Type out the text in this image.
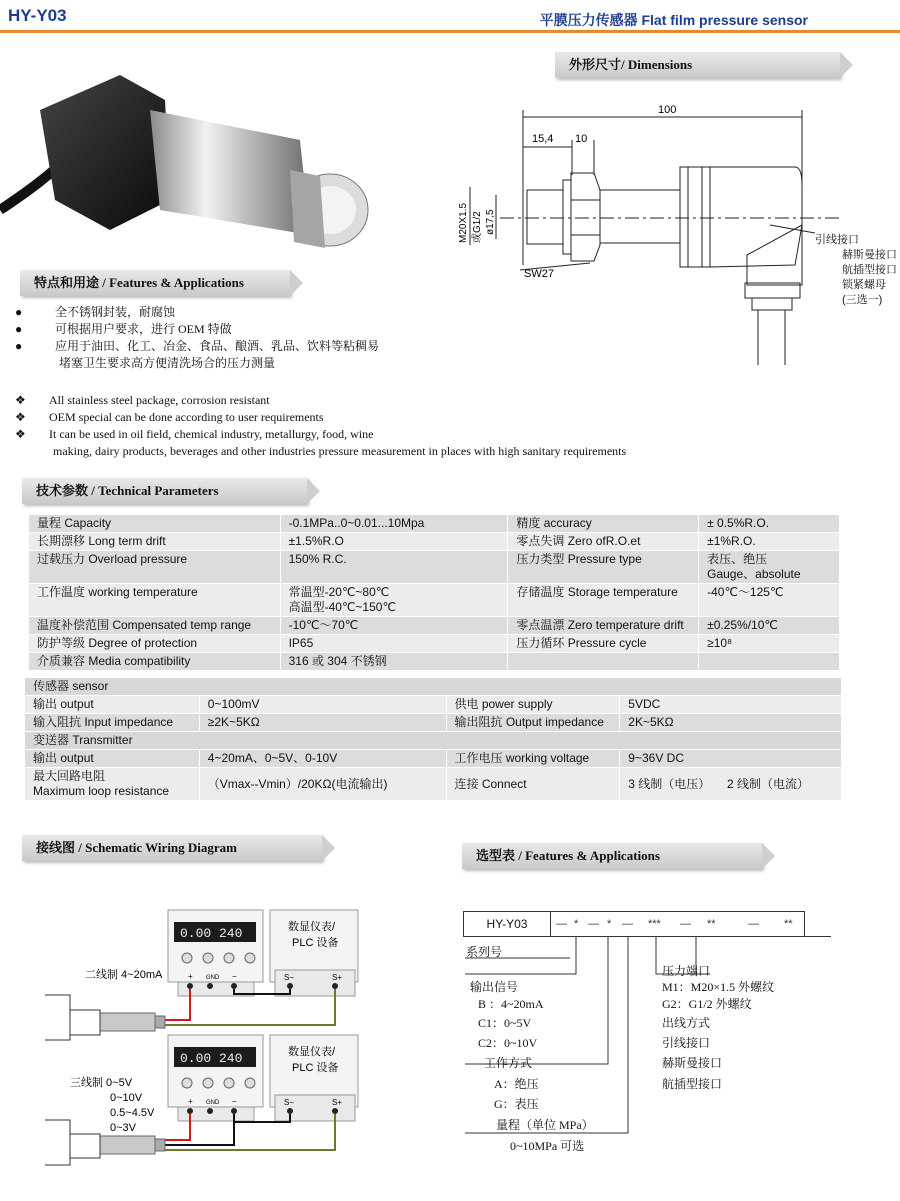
HY-Y03	平膜压力传感器 Flat film pressure sensor
外形尺寸/ Dimensions
100
15,4 10
M20X1.5 或G1/2 ø17,5
SW27
引线接口
赫斯曼接口
航插型接口
锁紧螺母
(三选一)
特点和用途 / Features & Applications
●	全不锈钢封装，耐腐蚀
●	可根据用户要求，进行 OEM 特做
●	应用于油田、化工、冶金、食品、酿酒、乳品、饮料等粘稠易
堵塞卫生要求高方便清洗场合的压力测量
❖ All stainless steel package, corrosion resistant
❖ OEM special can be done according to user requirements
❖ It can be used in oil field, chemical industry, metallurgy, food, wine
making, dairy products, beverages and other industries pressure measurement in places with high sanitary requirements
技术参数 / Technical Parameters
量程 Capacity	-0.1MPa..0~0.01...10Mpa	精度 accuracy	± 0.5%R.O.
长期漂移 Long term drift	±1.5%R.O	零点失调 Zero ofR.O.et	±1%R.O.
过载压力 Overload pressure	150% R.C.	压力类型 Pressure type	表压、绝压
Gauge、absolute
工作温度 working temperature	常温型-20℃~80℃
高温型-40℃~150℃	存储温度 Storage temperature	-40℃～125℃
温度补偿范围 Compensated temp range	-10℃～70℃	零点温漂 Zero temperature drift	±0.25%/10℃
防护等级 Degree of protection	IP65	压力循环 Pressure cycle	≥10⁸
介质兼容 Media compatibility	316 或 304 不锈钢		
传感器 sensor			
输出 output	0~100mV	供电 power supply	5VDC
输入阻抗 Input impedance	≥2K~5KΩ	输出阻抗 Output impedance	2K~5KΩ
变送器 Transmitter			
输出 output	4~20mA、0~5V、0-10V	工作电压 working voltage	9~36V DC

最大回路电阻
Maximum loop resistance	（Vmax--Vmin）/20KΩ(电流输出)	连接 Connect	3 线制（电压） 2 线制（电流）
接线图 / Schematic Wiring Diagram
0.00 240
+ GND −
数显仪表/
PLC 设备
S−	S+
二线制 4~20mA
0.00 240
+ GND −
数显仪表/
PLC 设备
S−	S+
三线制 0~5V
0~10V
0.5~4.5V
0~3V
选型表 / Features & Applications
HY-Y03	— * — * — *** — **	— **
系列号
输出信号
B ：4~20mA
C1：0~5V
C2：0~10V
工作方式
A：绝压
G：表压
量程（单位 MPa）
0~10MPa 可选
压力端口
M1：M20×1.5 外螺纹
G2：G1/2 外螺纹
出线方式
引线接口
赫斯曼接口
航插型接口
